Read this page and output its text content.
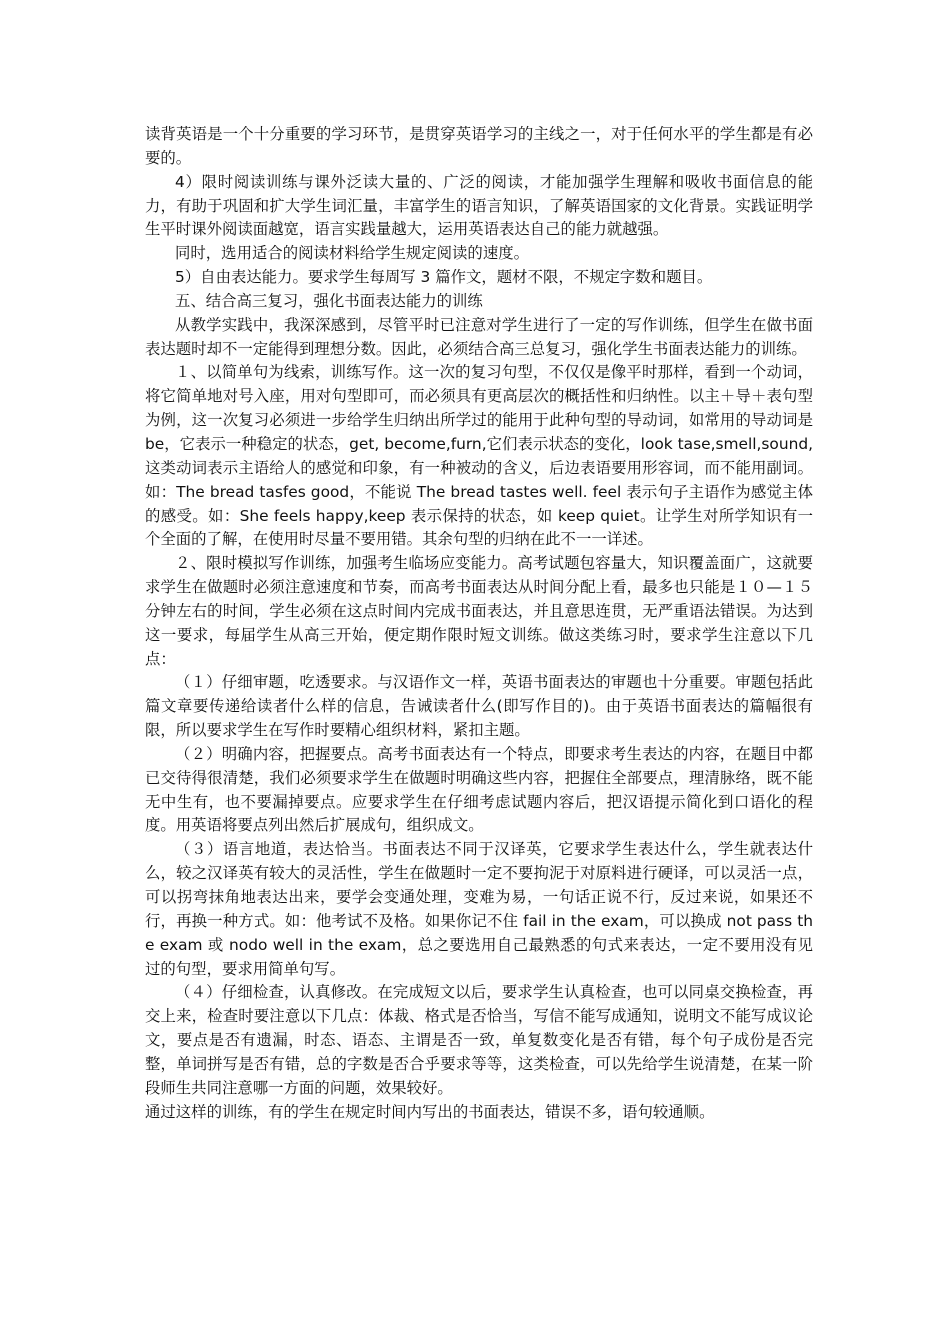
读背英语是一个十分重要的学习环节，是贯穿英语学习的主线之一，对于任何水平的学生都是有必要的。

4）限时阅读训练与课外泛读大量的、广泛的阅读，才能加强学生理解和吸收书面信息的能力，有助于巩固和扩大学生词汇量，丰富学生的语言知识，了解英语国家的文化背景。实践证明学生平时课外阅读面越宽，语言实践量越大，运用英语表达自己的能力就越强。

同时，选用适合的阅读材料给学生规定阅读的速度。

5）自由表达能力。要求学生每周写 3 篇作文，题材不限，不规定字数和题目。

五、结合高三复习，强化书面表达能力的训练

从教学实践中，我深深感到，尽管平时已注意对学生进行了一定的写作训练，但学生在做书面表达题时却不一定能得到理想分数。因此，必须结合高三总复习，强化学生书面表达能力的训练。

１、以简单句为线索，训练写作。这一次的复习句型，不仅仅是像平时那样，看到一个动词，将它简单地对号入座，用对句型即可，而必须具有更高层次的概括性和归纳性。以主＋导＋表句型为例，这一次复习必须进一步给学生归纳出所学过的能用于此种句型的导动词，如常用的导动词是 be，它表示一种稳定的状态，get, become,furn,它们表示状态的变化，look tase,smell,sound,这类动词表示主语给人的感觉和印象，有一种被动的含义，后边表语要用形容词，而不能用副词。如：The bread tasfes good，不能说 The bread tastes well. feel 表示句子主语作为感觉主体的感受。如：She feels happy,keep 表示保持的状态，如 keep quiet。让学生对所学知识有一个全面的了解，在使用时尽量不要用错。其余句型的归纳在此不一一详述。

２、限时模拟写作训练，加强考生临场应变能力。高考试题包容量大，知识覆盖面广，这就要求学生在做题时必须注意速度和节奏，而高考书面表达从时间分配上看，最多也只能是１０—１５分钟左右的时间，学生必须在这点时间内完成书面表达，并且意思连贯，无严重语法错误。为达到这一要求，每届学生从高三开始，便定期作限时短文训练。做这类练习时，要求学生注意以下几点：

（１）仔细审题，吃透要求。与汉语作文一样，英语书面表达的审题也十分重要。审题包括此篇文章要传递给读者什么样的信息，告诫读者什么(即写作目的)。由于英语书面表达的篇幅很有限，所以要求学生在写作时要精心组织材料，紧扣主题。

（２）明确内容，把握要点。高考书面表达有一个特点，即要求考生表达的内容，在题目中都已交待得很清楚，我们必须要求学生在做题时明确这些内容，把握住全部要点，理清脉络，既不能无中生有，也不要漏掉要点。应要求学生在仔细考虑试题内容后，把汉语提示简化到口语化的程度。用英语将要点列出然后扩展成句，组织成文。

（３）语言地道，表达恰当。书面表达不同于汉译英，它要求学生表达什么，学生就表达什么，较之汉译英有较大的灵活性，学生在做题时一定不要拘泥于对原料进行硬译，可以灵活一点，可以拐弯抹角地表达出来，要学会变通处理，变难为易，一句话正说不行，反过来说，如果还不行，再换一种方式。如：他考试不及格。如果你记不住 fail in the exam，可以换成 not pass the exam 或 nodo well in the exam，总之要选用自己最熟悉的句式来表达，一定不要用没有见过的句型，要求用简单句写。

（４）仔细检查，认真修改。在完成短文以后，要求学生认真检查，也可以同桌交换检查，再交上来，检查时要注意以下几点：体裁、格式是否恰当，写信不能写成通知，说明文不能写成议论文，要点是否有遗漏，时态、语态、主谓是否一致，单复数变化是否有错，每个句子成份是否完整，单词拼写是否有错，总的字数是否合乎要求等等，这类检查，可以先给学生说清楚，在某一阶段师生共同注意哪一方面的问题，效果较好。

通过这样的训练，有的学生在规定时间内写出的书面表达，错误不多，语句较通顺。
